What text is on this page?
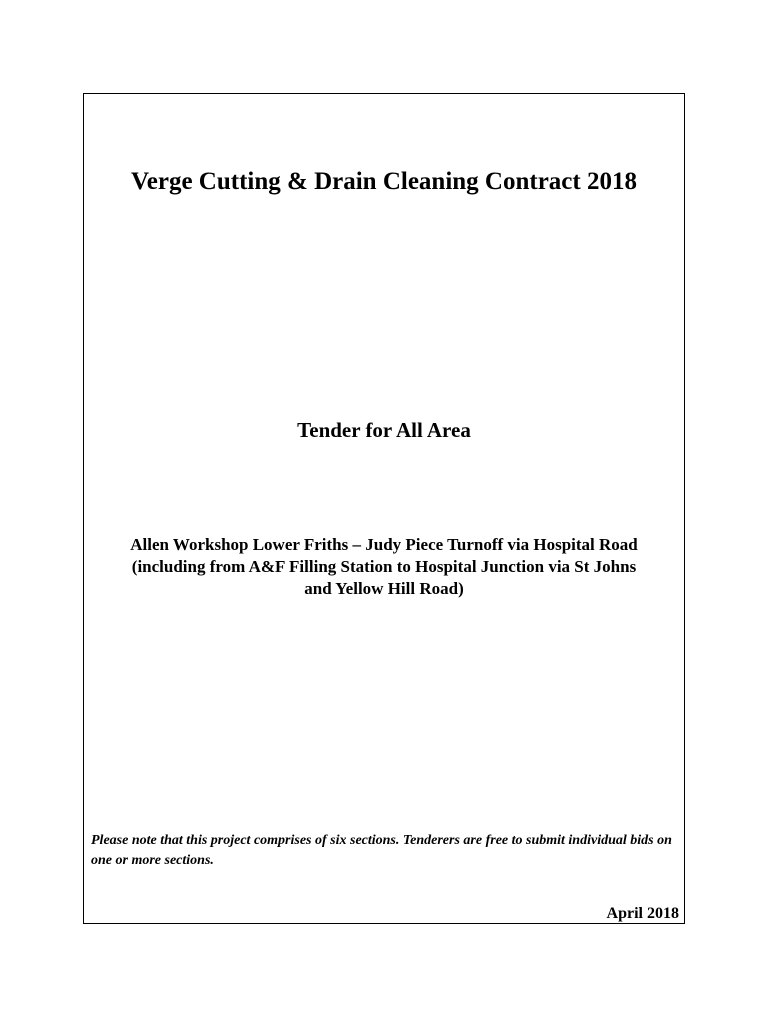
Verge Cutting & Drain Cleaning Contract 2018
Tender for All Area

Allen Workshop Lower Friths – Judy Piece Turnoff via Hospital Road
(including from A&F Filling Station to Hospital Junction via St Johns
and Yellow Hill Road)

Please note that this project comprises of six sections. Tenderers are free to submit individual bids on one or more sections.

April 2018
